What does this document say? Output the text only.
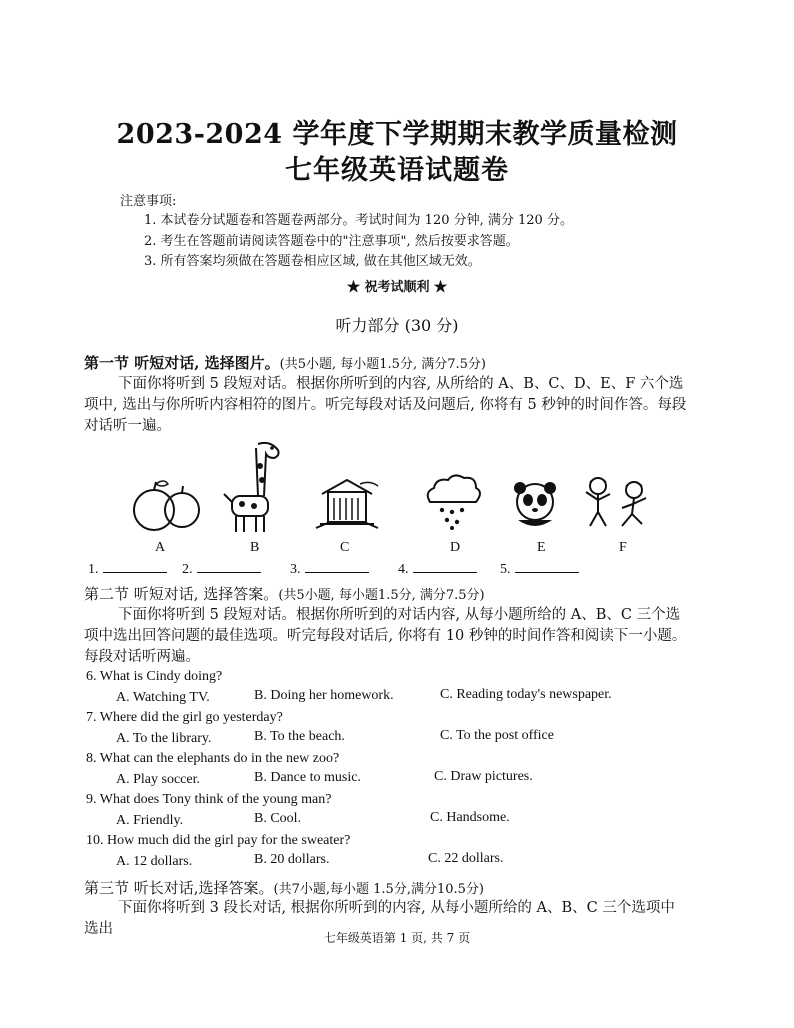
2023-2024 学年度下学期期末教学质量检测
七年级英语试题卷
注意事项:
1. 本试卷分试题卷和答题卷两部分。考试时间为 120 分钟, 满分 120 分。
2. 考生在答题前请阅读答题卷中的"注意事项", 然后按要求答题。
3. 所有答案均须做在答题卷相应区域, 做在其他区域无效。
★ 祝考试顺利 ★
听力部分 (30 分)
第一节 听短对话, 选择图片。(共5小题, 每小题1.5分, 满分7.5分)
下面你将听到 5 段短对话。根据你所听到的内容, 从所给的 A、B、C、D、E、F 六个选项中, 选出与你所听内容相符的图片。听完每段对话及问题后, 你将有 5 秒钟的时间作答。每段对话听一遍。
A	B	C	D	E	F
1.	2.	3.	4.	5.
第二节 听短对话, 选择答案。(共5小题, 每小题1.5分, 满分7.5分)
下面你将听到 5 段短对话。根据你所听到的对话内容, 从每小题所给的 A、B、C 三个选项中选出回答问题的最佳选项。听完每段对话后, 你将有 10 秒钟的时间作答和阅读下一小题。每段对话听两遍。
6. What is Cindy doing?
A. Watching TV.	B. Doing her homework.	C. Reading today's newspaper.
7. Where did the girl go yesterday?
A. To the library.	B. To the beach.	C. To the post office
8. What can the elephants do in the new zoo?
A. Play soccer.	B. Dance to music.	C. Draw pictures.
9. What does Tony think of the young man?
A. Friendly.	B. Cool.	C. Handsome.
10. How much did the girl pay for the sweater?
A. 12 dollars.	B. 20 dollars.	C. 22 dollars.
第三节 听长对话,选择答案。(共7小题,每小题 1.5分,满分10.5分)
下面你将听到 3 段长对话, 根据你所听到的内容, 从每小题所给的 A、B、C 三个选项中选出
七年级英语第 1 页, 共 7 页
